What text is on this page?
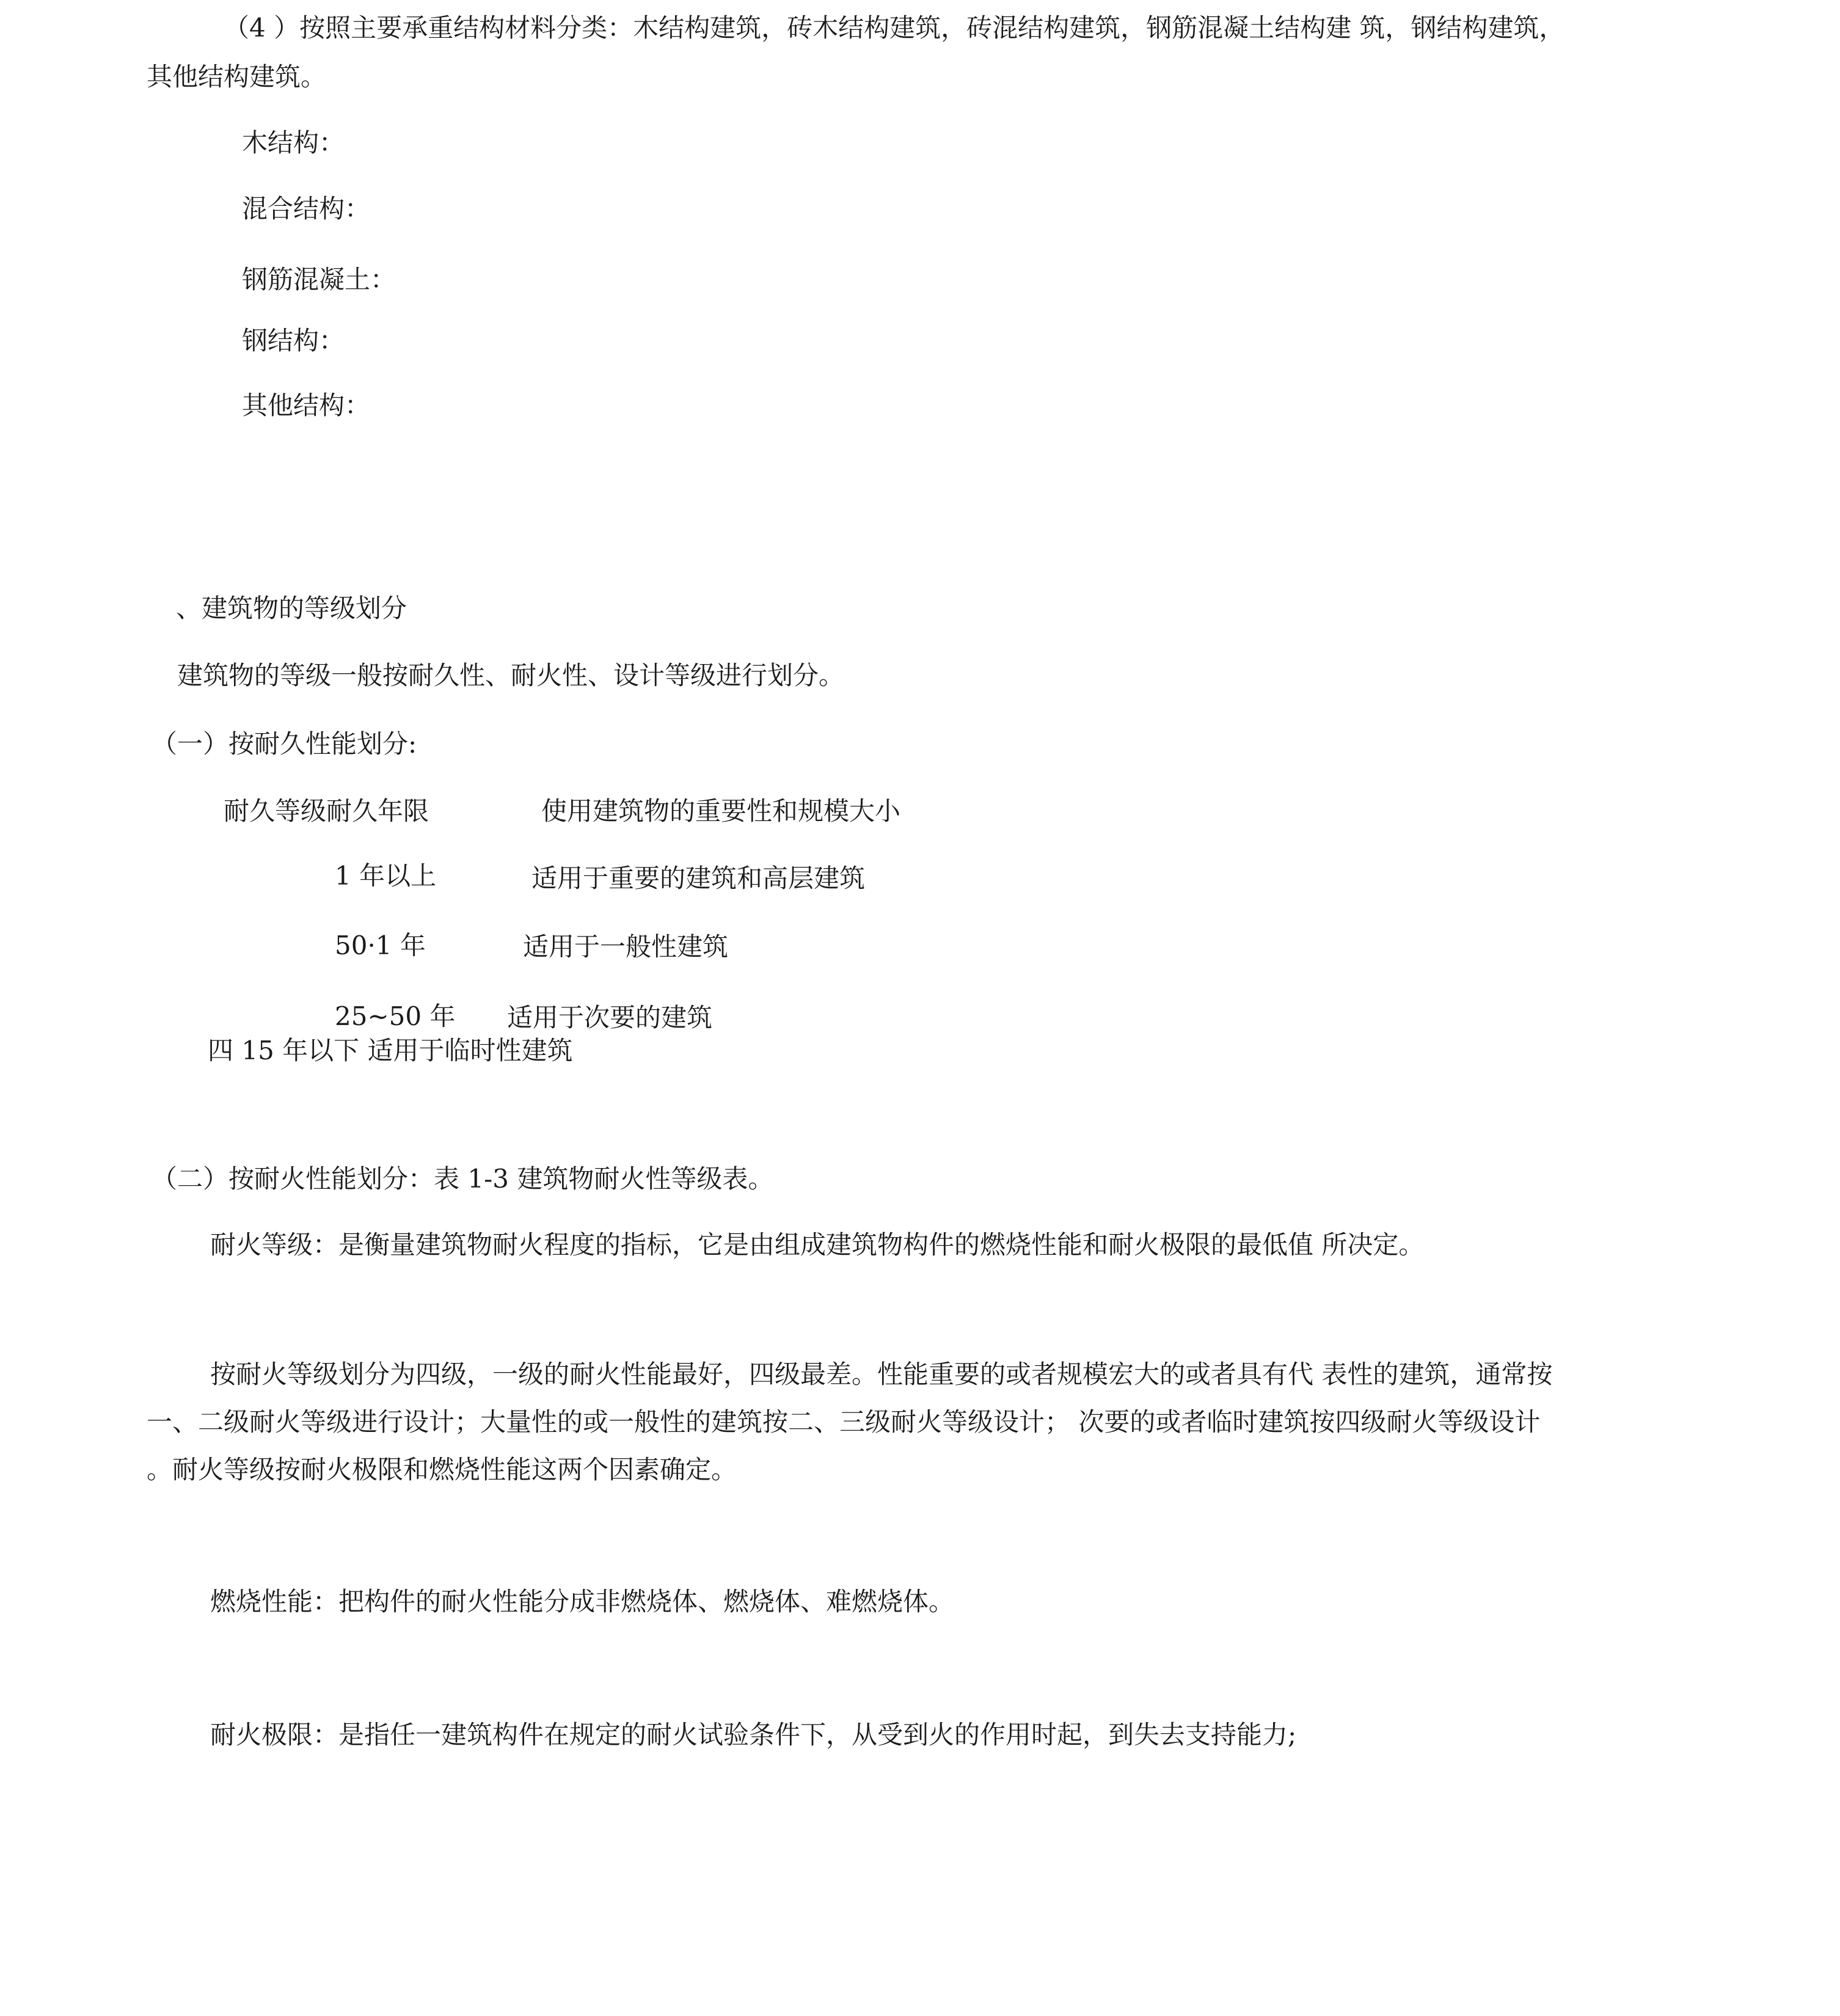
（4 ）按照主要承重结构材料分类：木结构建筑，砖木结构建筑，砖混结构建筑，钢筋混凝土结构建 筑，钢结构建筑，
其他结构建筑。
木结构：
混合结构：
钢筋混凝土：
钢结构：
其他结构：
、建筑物的等级划分
建筑物的等级一般按耐久性、耐火性、设计等级进行划分。
（一）按耐久性能划分:
耐久等级耐久年限	使用建筑物的重要性和规模大小
1 年以上	适用于重要的建筑和高层建筑
50·1 年	适用于一般性建筑
25~50 年 适用于次要的建筑
四 15 年以下 适用于临时性建筑
（二）按耐火性能划分：表 1-3 建筑物耐火性等级表。
耐火等级：是衡量建筑物耐火程度的指标，它是由组成建筑物构件的燃烧性能和耐火极限的最低值 所决定。
按耐火等级划分为四级，一级的耐火性能最好，四级最差。性能重要的或者规模宏大的或者具有代 表性的建筑，通常按
一、二级耐火等级进行设计；大量性的或一般性的建筑按二、三级耐火等级设计； 次要的或者临时建筑按四级耐火等级设计
。耐火等级按耐火极限和燃烧性能这两个因素确定。
燃烧性能：把构件的耐火性能分成非燃烧体、燃烧体、难燃烧体。
耐火极限：是指任一建筑构件在规定的耐火试验条件下，从受到火的作用时起，到失去支持能力;
